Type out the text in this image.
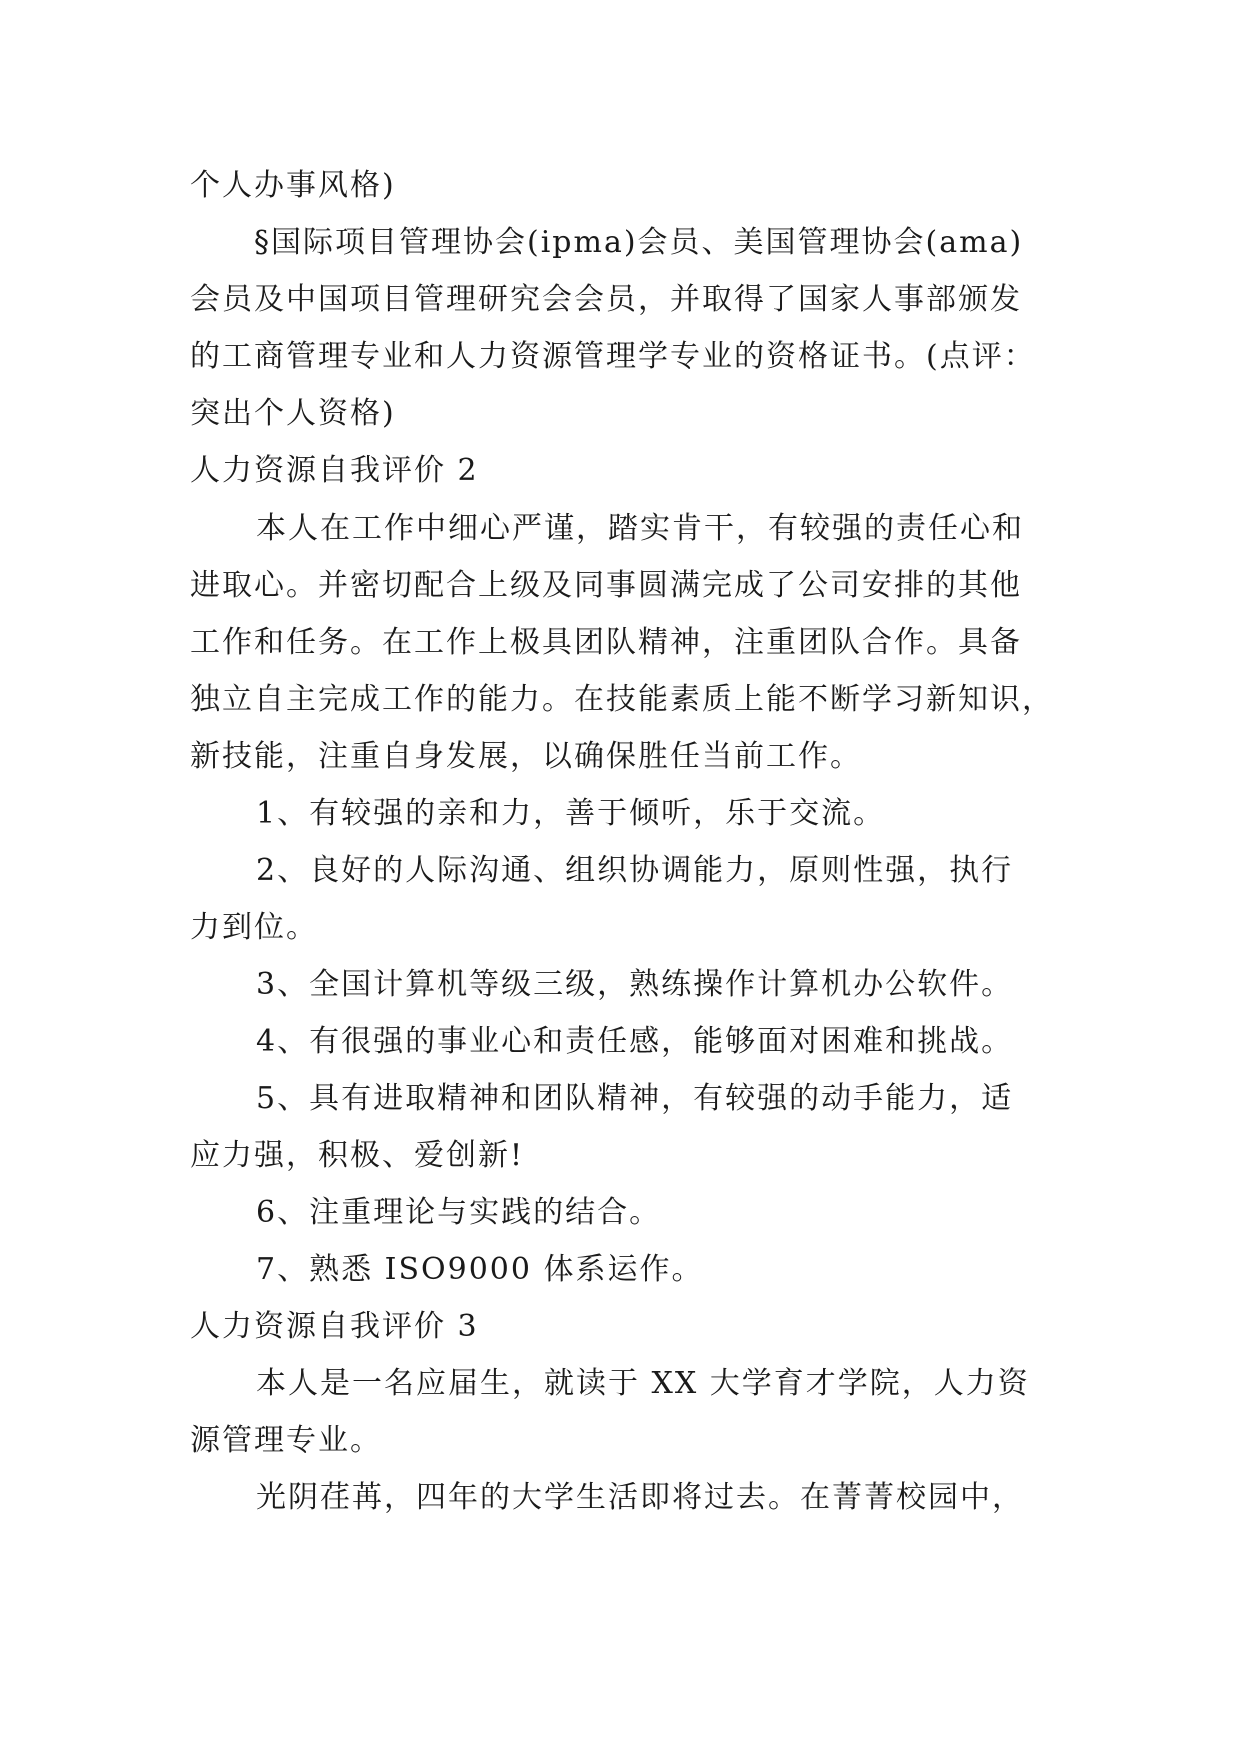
个人办事风格)
§国际项目管理协会(ipma)会员、美国管理协会(ama)
会员及中国项目管理研究会会员，并取得了国家人事部颁发
的工商管理专业和人力资源管理学专业的资格证书。(点评：
突出个人资格)
人力资源自我评价 2
本人在工作中细心严谨，踏实肯干，有较强的责任心和
进取心。并密切配合上级及同事圆满完成了公司安排的其他
工作和任务。在工作上极具团队精神，注重团队合作。具备
独立自主完成工作的能力。在技能素质上能不断学习新知识，
新技能，注重自身发展，以确保胜任当前工作。
1、有较强的亲和力，善于倾听，乐于交流。
2、良好的人际沟通、组织协调能力，原则性强，执行
力到位。
3、全国计算机等级三级，熟练操作计算机办公软件。
4、有很强的事业心和责任感，能够面对困难和挑战。
5、具有进取精神和团队精神，有较强的动手能力，适
应力强，积极、爱创新!
6、注重理论与实践的结合。
7、熟悉 ISO9000 体系运作。
人力资源自我评价 3
本人是一名应届生，就读于 XX 大学育才学院，人力资
源管理专业。
光阴荏苒，四年的大学生活即将过去。在菁菁校园中，
